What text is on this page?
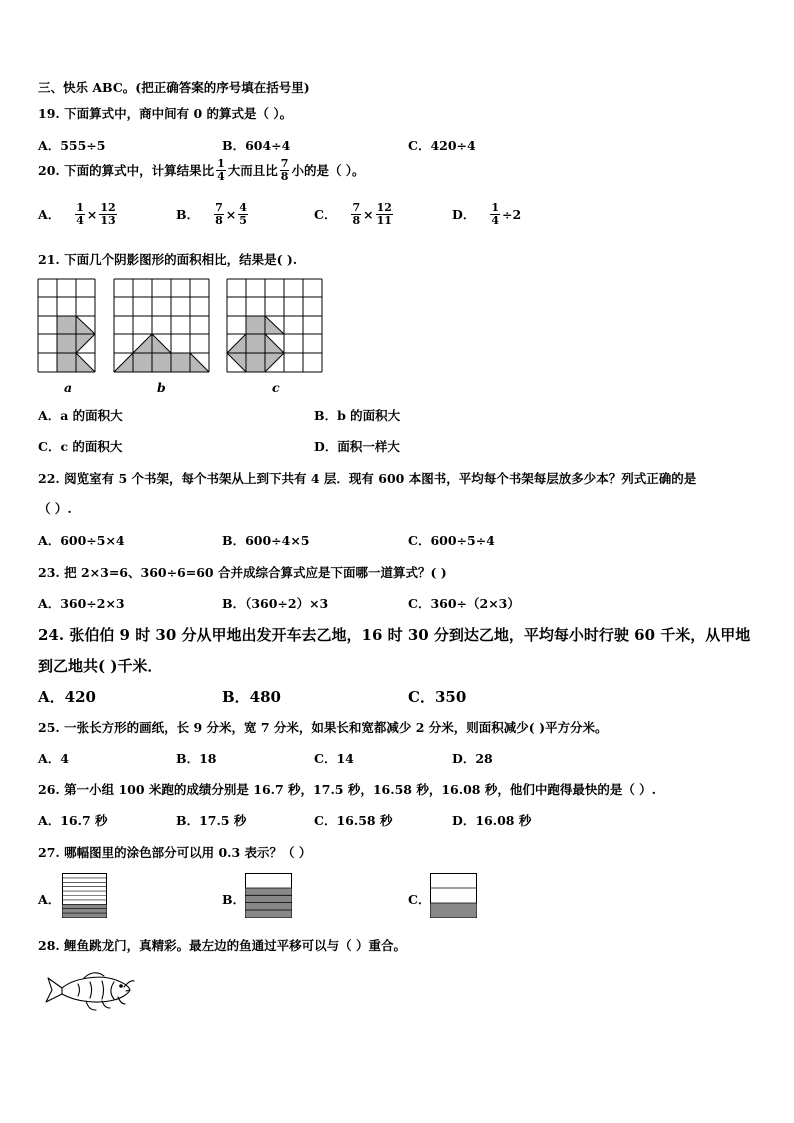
三、快乐 ABC。(把正确答案的序号填在括号里)
19. 下面算式中，商中间有 0 的算式是（ ）。
A．555÷5	B．604÷4	C．420÷4
20. 下面的算式中，计算结果比 $\frac{1}{4}$ 大而且比 $\frac{7}{8}$ 小的是（ ）。
A． $\frac{1}{4} \times \frac{12}{13}$	B． $\frac{7}{8} \times \frac{4}{5}$	C． $\frac{7}{8} \times \frac{12}{11}$	D． $\frac{1}{4} \div 2$
21. 下面几个阴影图形的面积相比，结果是( ).
a	b	c
A．a 的面积大	B．b 的面积大
C．c 的面积大	D．面积一样大
22. 阅览室有 5 个书架，每个书架从上到下共有 4 层．现有 600 本图书，平均每个书架每层放多少本？列式正确的是
（ ）.
A．600÷5×4	B．600÷4×5	C．600÷5÷4
23. 把 2×3=6、360÷6=60 合并成综合算式应是下面哪一道算式？( )
A．360÷2×3	B．（360÷2）×3	C．360÷（2×3）
24. 张伯伯 9 时 30 分从甲地出发开车去乙地，16 时 30 分到达乙地，平均每小时行驶 60 千米，从甲地
到乙地共( )千米．
A．420	B．480	C．350
25. 一张长方形的画纸，长 9 分米，宽 7 分米，如果长和宽都减少 2 分米，则面积减少( )平方分米。
A．4	B．18	C．14	D．28
26. 第一小组 100 米跑的成绩分别是 16.7 秒，17.5 秒，16.58 秒，16.08 秒，他们中跑得最快的是（ ）.
A．16.7 秒	B．17.5 秒	C．16.58 秒	D．16.08 秒
27. 哪幅图里的涂色部分可以用 0.3 表示？（ ）
A．	B．	C．
28. 鲤鱼跳龙门，真精彩。最左边的鱼通过平移可以与（ ）重合。
